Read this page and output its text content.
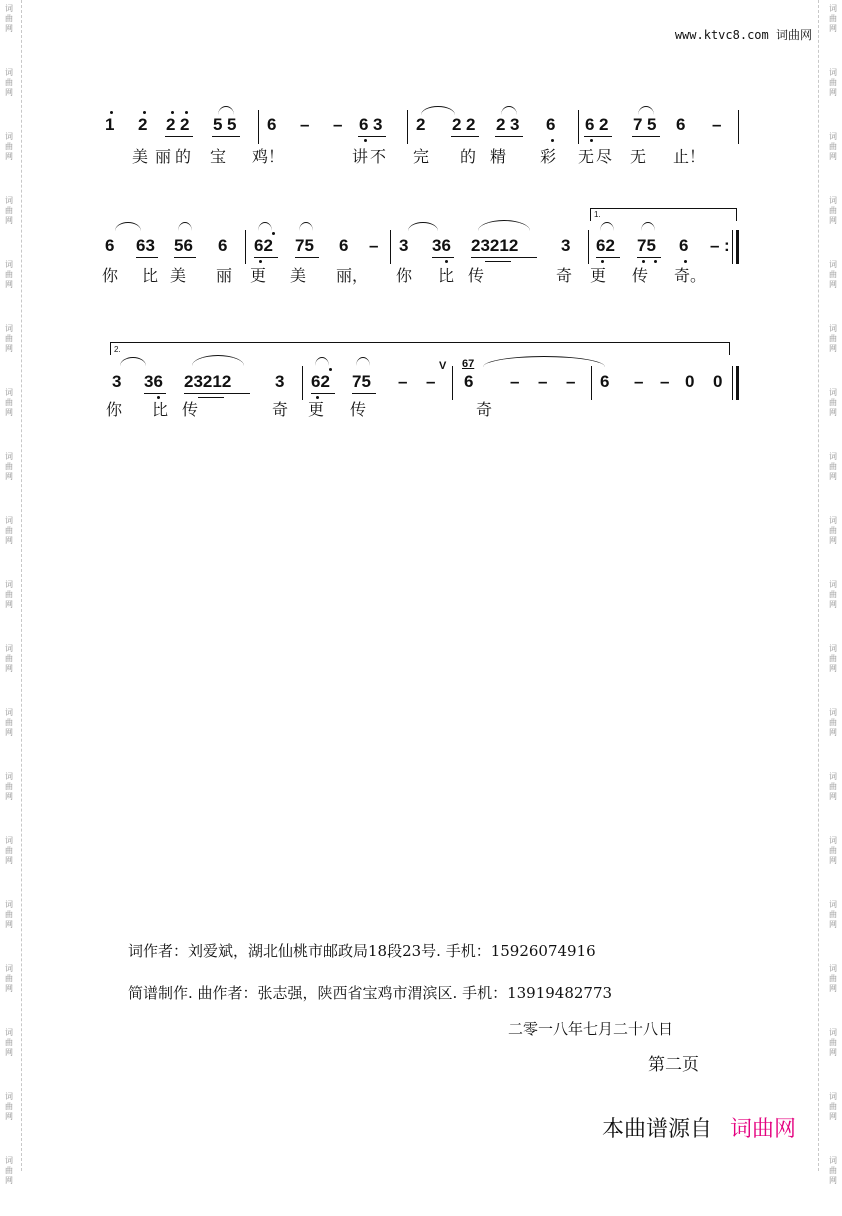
词
曲
网
词
曲
网
词
曲
网
词
曲
网
词
曲
网
词
曲
网
词
曲
网
词
曲
网
词
曲
网
词
曲
网
词
曲
网
词
曲
网
词
曲
网
词
曲
网
词
曲
网
词
曲
网
词
曲
网
词
曲
网
词
曲
网
词
曲
网
词
曲
网
词
曲
网
词
曲
网
词
曲
网
词
曲
网
词
曲
网
词
曲
网
词
曲
网
词
曲
网
词
曲
网
词
曲
网
词
曲
网
词
曲
网
词
曲
网
词
曲
网
词
曲
网
词
曲
网
词
曲
网
www.ktvc8.com 词曲网
1 2 2 2 5 5 6 – – 6 3 2 2 2 2 3 6 6 2 7 5 6 –
美 丽 的 宝 鸡！	讲 不 完 的 精 彩 无 尽 无 止！
1.
6 63 56 6 62 75 6 – 3 36 23212	3 62 75 6 – :
你 比 美 丽 更 美 丽， 你 比 传	奇 更 传 奇。
2.
3 36 23212	3 62 75 – –
V 67
6 – – – 6 – – 0 0
你 比 传	奇 更 传	奇
词作者：刘爱斌，湖北仙桃市邮政局18段23号. 手机：15926074916
简谱制作. 曲作者：张志强，陕西省宝鸡市渭滨区. 手机：13919482773
二零一八年七月二十八日
第二页
本曲谱源自 词曲网
